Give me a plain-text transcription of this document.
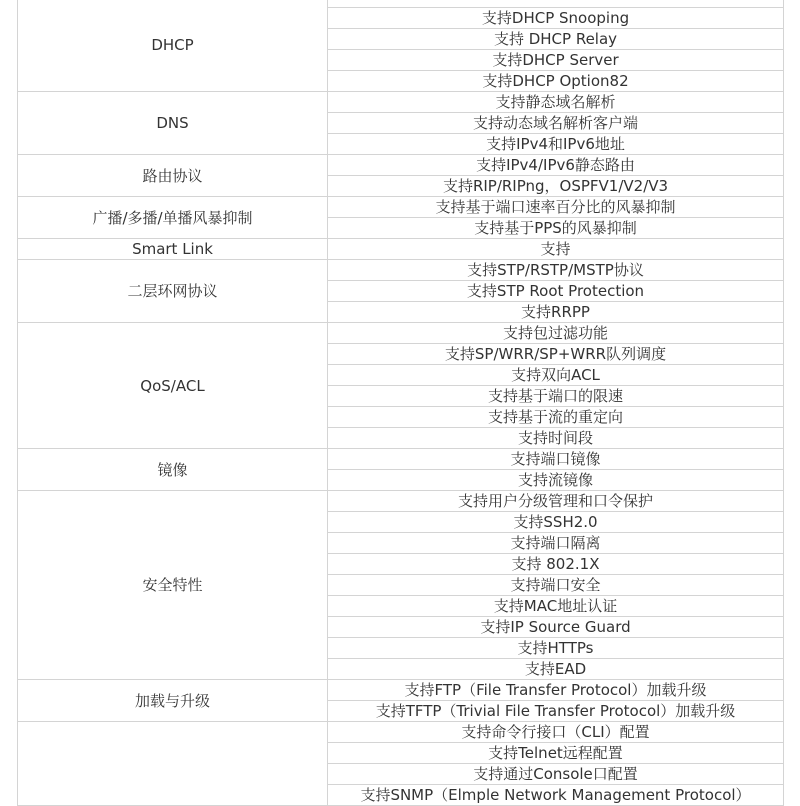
DHCP	
	支持DHCP Snooping
	支持 DHCP Relay
	支持DHCP Server
	支持DHCP Option82
DNS	支持静态域名解析
	支持动态域名解析客户端
	支持IPv4和IPv6地址
路由协议	支持IPv4/IPv6静态路由
	支持RIP/RIPng，OSPFV1/V2/V3
广播/多播/单播风暴抑制	支持基于端口速率百分比的风暴抑制
	支持基于PPS的风暴抑制
Smart Link	支持
二层环网协议	支持STP/RSTP/MSTP协议
	支持STP Root Protection
	支持RRPP
QoS/ACL	支持包过滤功能
	支持SP/WRR/SP+WRR队列调度
	支持双向ACL
	支持基于端口的限速
	支持基于流的重定向
	支持时间段
镜像	支持端口镜像
	支持流镜像
安全特性	支持用户分级管理和口令保护
	支持SSH2.0
	支持端口隔离
	支持 802.1X
	支持端口安全
	支持MAC地址认证
	支持IP Source Guard
	支持HTTPs
	支持EAD
加载与升级	支持FTP（File Transfer Protocol）加载升级
	支持TFTP（Trivial File Transfer Protocol）加载升级
	支持命令行接口（CLI）配置
	支持Telnet远程配置
	支持通过Console口配置
	支持SNMP（Elmple Network Management Protocol）
